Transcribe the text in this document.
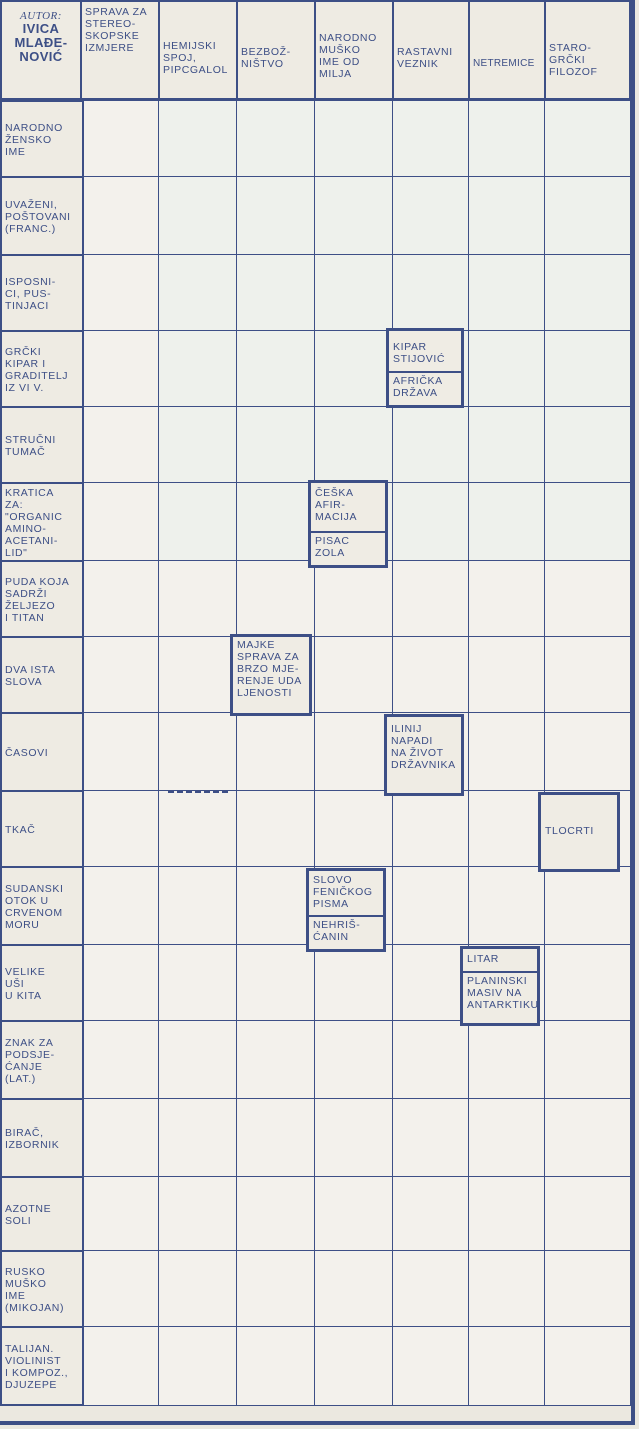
AUTOR:
IVICA
MLAĐE-
NOVIĆ
SPRAVA ZA
STEREO-
SKOPSKE
IZMJERE	HEMIJSKI
SPOJ,
PIPCGALOL
BEZBOŽ-
NIŠTVO
NARODNO
MUŠKO
IME OD
MILJA
RASTAVNI
VEZNIK	NETREMICE
STARO-
GRČKI
FILOZOF
NARODNO
ŽENSKO
IME
UVAŽENI,
POŠTOVANI
(FRANC.)
ISPOSNI-
CI, PUS-
TINJACI
GRČKI
KIPAR I
GRADITELJ
IZ VI V.
STRUČNI
TUMAČ
KRATICA
ZA:
"ORGANIC
AMINO-
ACETANI-
LID"
PUDA KOJA
SADRŽI
ŽELJEZO
I TITAN
DVA ISTA
SLOVA
ČASOVI
TKAČ
SUDANSKI
OTOK U
CRVENOM
MORU
VELIKE
UŠI
U KITA
ZNAK ZA
PODSJE-
ĆANJE
(LAT.)
BIRAČ,
IZBORNIK
AZOTNE
SOLI
RUSKO
MUŠKO
IME
(MIKOJAN)
TALIJAN.
VIOLINIST
I KOMPOZ.,
DJUZEPE
KIPAR
STIJOVIĆ
AFRIČKA
DRŽAVA
ČEŠKA
AFIR-
MACIJA
PISAC
ZOLA
MAJKE
SPRAVA ZA
BRZO MJE-
RENJE UDA
LJENOSTI
ILINIJ
NAPADI
NA ŽIVOT
DRŽAVNIKA
TLOCRTI
SLOVO
FENIČKOG
PISMA
NEHRIŠ-
ĆANIN
LITAR
PLANINSKI
MASIV NA
ANTARKTIKU
